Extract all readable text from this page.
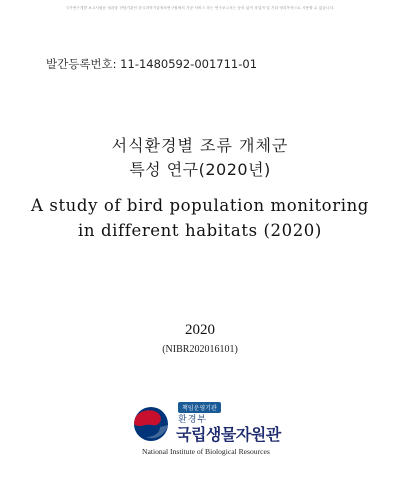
국가연구개발 보고서원문 성과물 전담기관인 한국과학기술정보연구원에서 가공·서비스 하는 연구보고서는 동의 없이 상업적 및 기타 영리목적으로 사용할 수 없습니다.
발간등록번호: 11-1480592-001711-01
서식환경별 조류 개체군
특성 연구(2020년)
A study of bird population monitoring
in different habitats (2020)
2020
(NIBR202016101)
책임운영기관
환경부
국립생물자원관
National Institute of Biological Resources
